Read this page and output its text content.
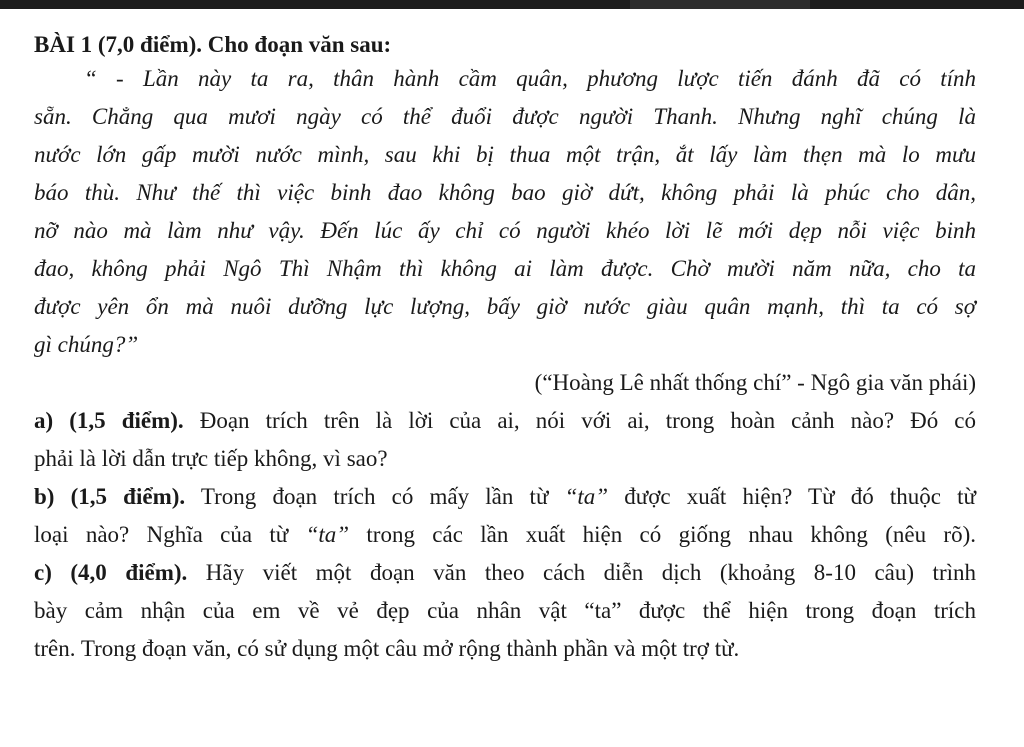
BÀI 1 (7,0 điểm). Cho đoạn văn sau:
“ - Lần này ta ra, thân hành cầm quân, phương lược tiến đánh đã có tính
sẵn. Chẳng qua mươi ngày có thể đuổi được người Thanh. Nhưng nghĩ chúng là
nước lớn gấp mười nước mình, sau khi bị thua một trận, ắt lấy làm thẹn mà lo mưu
báo thù. Như thế thì việc binh đao không bao giờ dứt, không phải là phúc cho dân,
nỡ nào mà làm như vậy. Đến lúc ấy chỉ có người khéo lời lẽ mới dẹp nỗi việc binh
đao, không phải Ngô Thì Nhậm thì không ai làm được. Chờ mười năm nữa, cho ta
được yên ổn mà nuôi dưỡng lực lượng, bấy giờ nước giàu quân mạnh, thì ta có sợ
gì chúng?”
(“Hoàng Lê nhất thống chí” - Ngô gia văn phái)
a) (1,5 điểm). Đoạn trích trên là lời của ai, nói với ai, trong hoàn cảnh nào? Đó có
phải là lời dẫn trực tiếp không, vì sao?
b) (1,5 điểm). Trong đoạn trích có mấy lần từ “ta” được xuất hiện? Từ đó thuộc từ
loại nào? Nghĩa của từ “ta” trong các lần xuất hiện có giống nhau không (nêu rõ).
c) (4,0 điểm). Hãy viết một đoạn văn theo cách diễn dịch (khoảng 8-10 câu) trình
bày cảm nhận của em về vẻ đẹp của nhân vật “ta” được thể hiện trong đoạn trích
trên. Trong đoạn văn, có sử dụng một câu mở rộng thành phần và một trợ từ.
